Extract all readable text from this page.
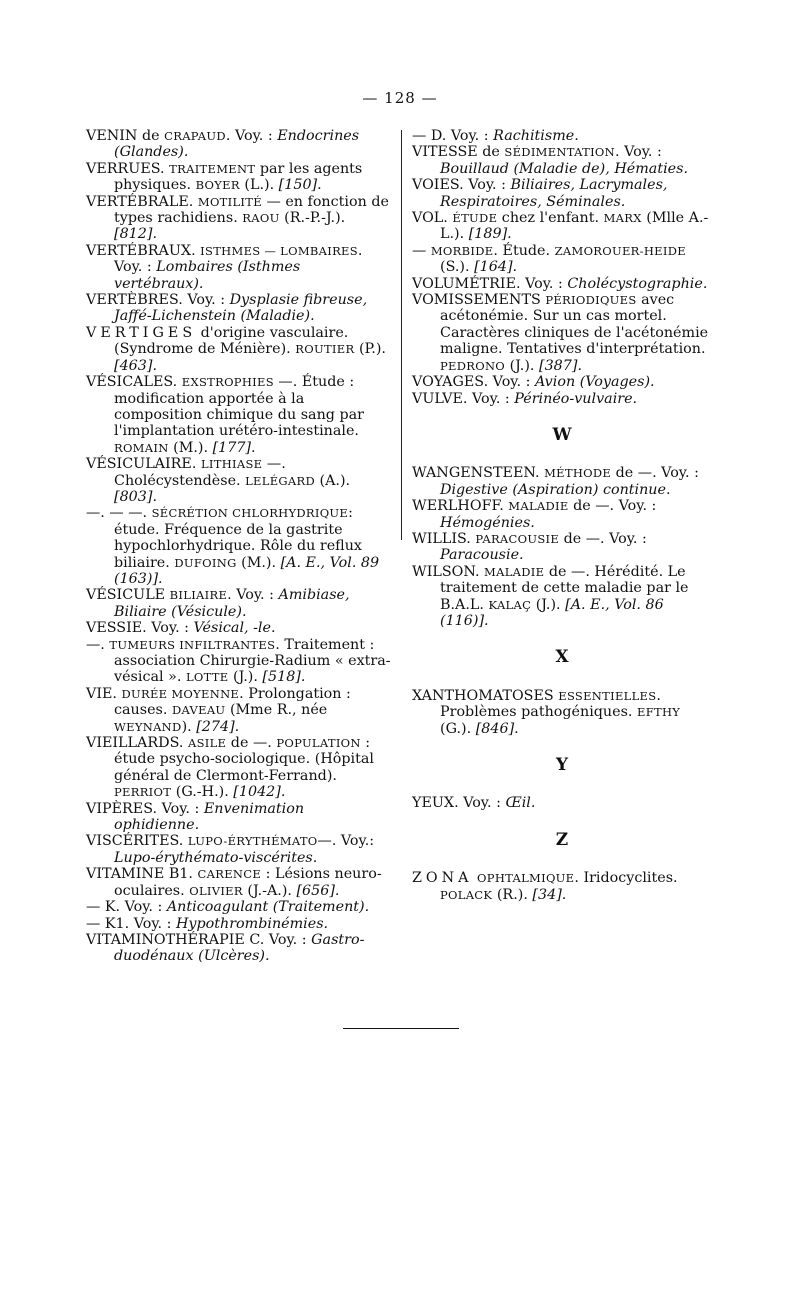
— 128 —

VENIN de CRAPAUD. Voy. : Endocrines (Glandes).

VERRUES. TRAITEMENT par les agents physiques. BOYER (L.). [150].

VERTÉBRALE. MOTILITÉ — en fonction de types rachidiens. RAOU (R.-P.-J.). [812].

VERTÉBRAUX. ISTHMES — LOMBAIRES. Voy. : Lombaires (Isthmes vertébraux).

VERTÈBRES. Voy. : Dysplasie fibreuse, Jaffé-Lichenstein (Maladie).

VERTIGES d'origine vasculaire. (Syndrome de Ménière). ROUTIER (P.). [463].

VÉSICALES. EXSTROPHIES —. Étude : modification apportée à la composition chimique du sang par l'implantation urétéro-intestinale. ROMAIN (M.). [177].

VÉSICULAIRE. LITHIASE —. Cholécystendèse. LELÉGARD (A.). [803].

—. — —. SÉCRÉTION CHLORHYDRIQUE: étude. Fréquence de la gastrite hypochlorhydrique. Rôle du reflux biliaire. DUFOING (M.). [A. E., Vol. 89 (163)].

VÉSICULE BILIAIRE. Voy. : Amibiase, Biliaire (Vésicule).

VESSIE. Voy. : Vésical, -le.

—. TUMEURS INFILTRANTES. Traitement : association Chirurgie-Radium « extra-vésical ». LOTTE (J.). [518].

VIE. DURÉE MOYENNE. Prolongation : causes. DAVEAU (Mme R., née WEYNAND). [274].

VIEILLARDS. ASILE de —. POPULATION : étude psycho-sociologique. (Hôpital général de Clermont-Ferrand). PERRIOT (G.-H.). [1042].

VIPÈRES. Voy. : Envenimation ophidienne.

VISCÉRITES. LUPO-ÉRYTHÉMATO—. Voy.: Lupo-érythémato-viscérites.

VITAMINE B1. CARENCE : Lésions neuro-oculaires. OLIVIER (J.-A.). [656].

— K. Voy. : Anticoagulant (Traitement).

— K1. Voy. : Hypothrombinémies.

VITAMINOTHÉRAPIE C. Voy. : Gastro-duodénaux (Ulcères).

— D. Voy. : Rachitisme.

VITESSE de SÉDIMENTATION. Voy. : Bouillaud (Maladie de), Hématies.

VOIES. Voy. : Biliaires, Lacrymales, Respiratoires, Séminales.

VOL. ÉTUDE chez l'enfant. MARX (Mlle A.-L.). [189].

— MORBIDE. Étude. ZAMOROUER-HEIDE (S.). [164].

VOLUMÉTRIE. Voy. : Cholécystographie.

VOMISSEMENTS PÉRIODIQUES avec acétonémie. Sur un cas mortel. Caractères cliniques de l'acétonémie maligne. Tentatives d'interprétation. PEDRONO (J.). [387].

VOYAGES. Voy. : Avion (Voyages).

VULVE. Voy. : Périnéo-vulvaire.

W

WANGENSTEEN. MÉTHODE de —. Voy. : Digestive (Aspiration) continue.

WERLHOFF. MALADIE de —. Voy. : Hémogénies.

WILLIS. PARACOUSIE de —. Voy. : Paracousie.

WILSON. MALADIE de —. Hérédité. Le traitement de cette maladie par le B.A.L. KALAÇ (J.). [A. E., Vol. 86 (116)].

X

XANTHOMATOSES ESSENTIELLES. Problèmes pathogéniques. EFTHY (G.). [846].

Y

YEUX. Voy. : Œil.

Z

ZONA OPHTALMIQUE. Iridocyclites. POLACK (R.). [34].
